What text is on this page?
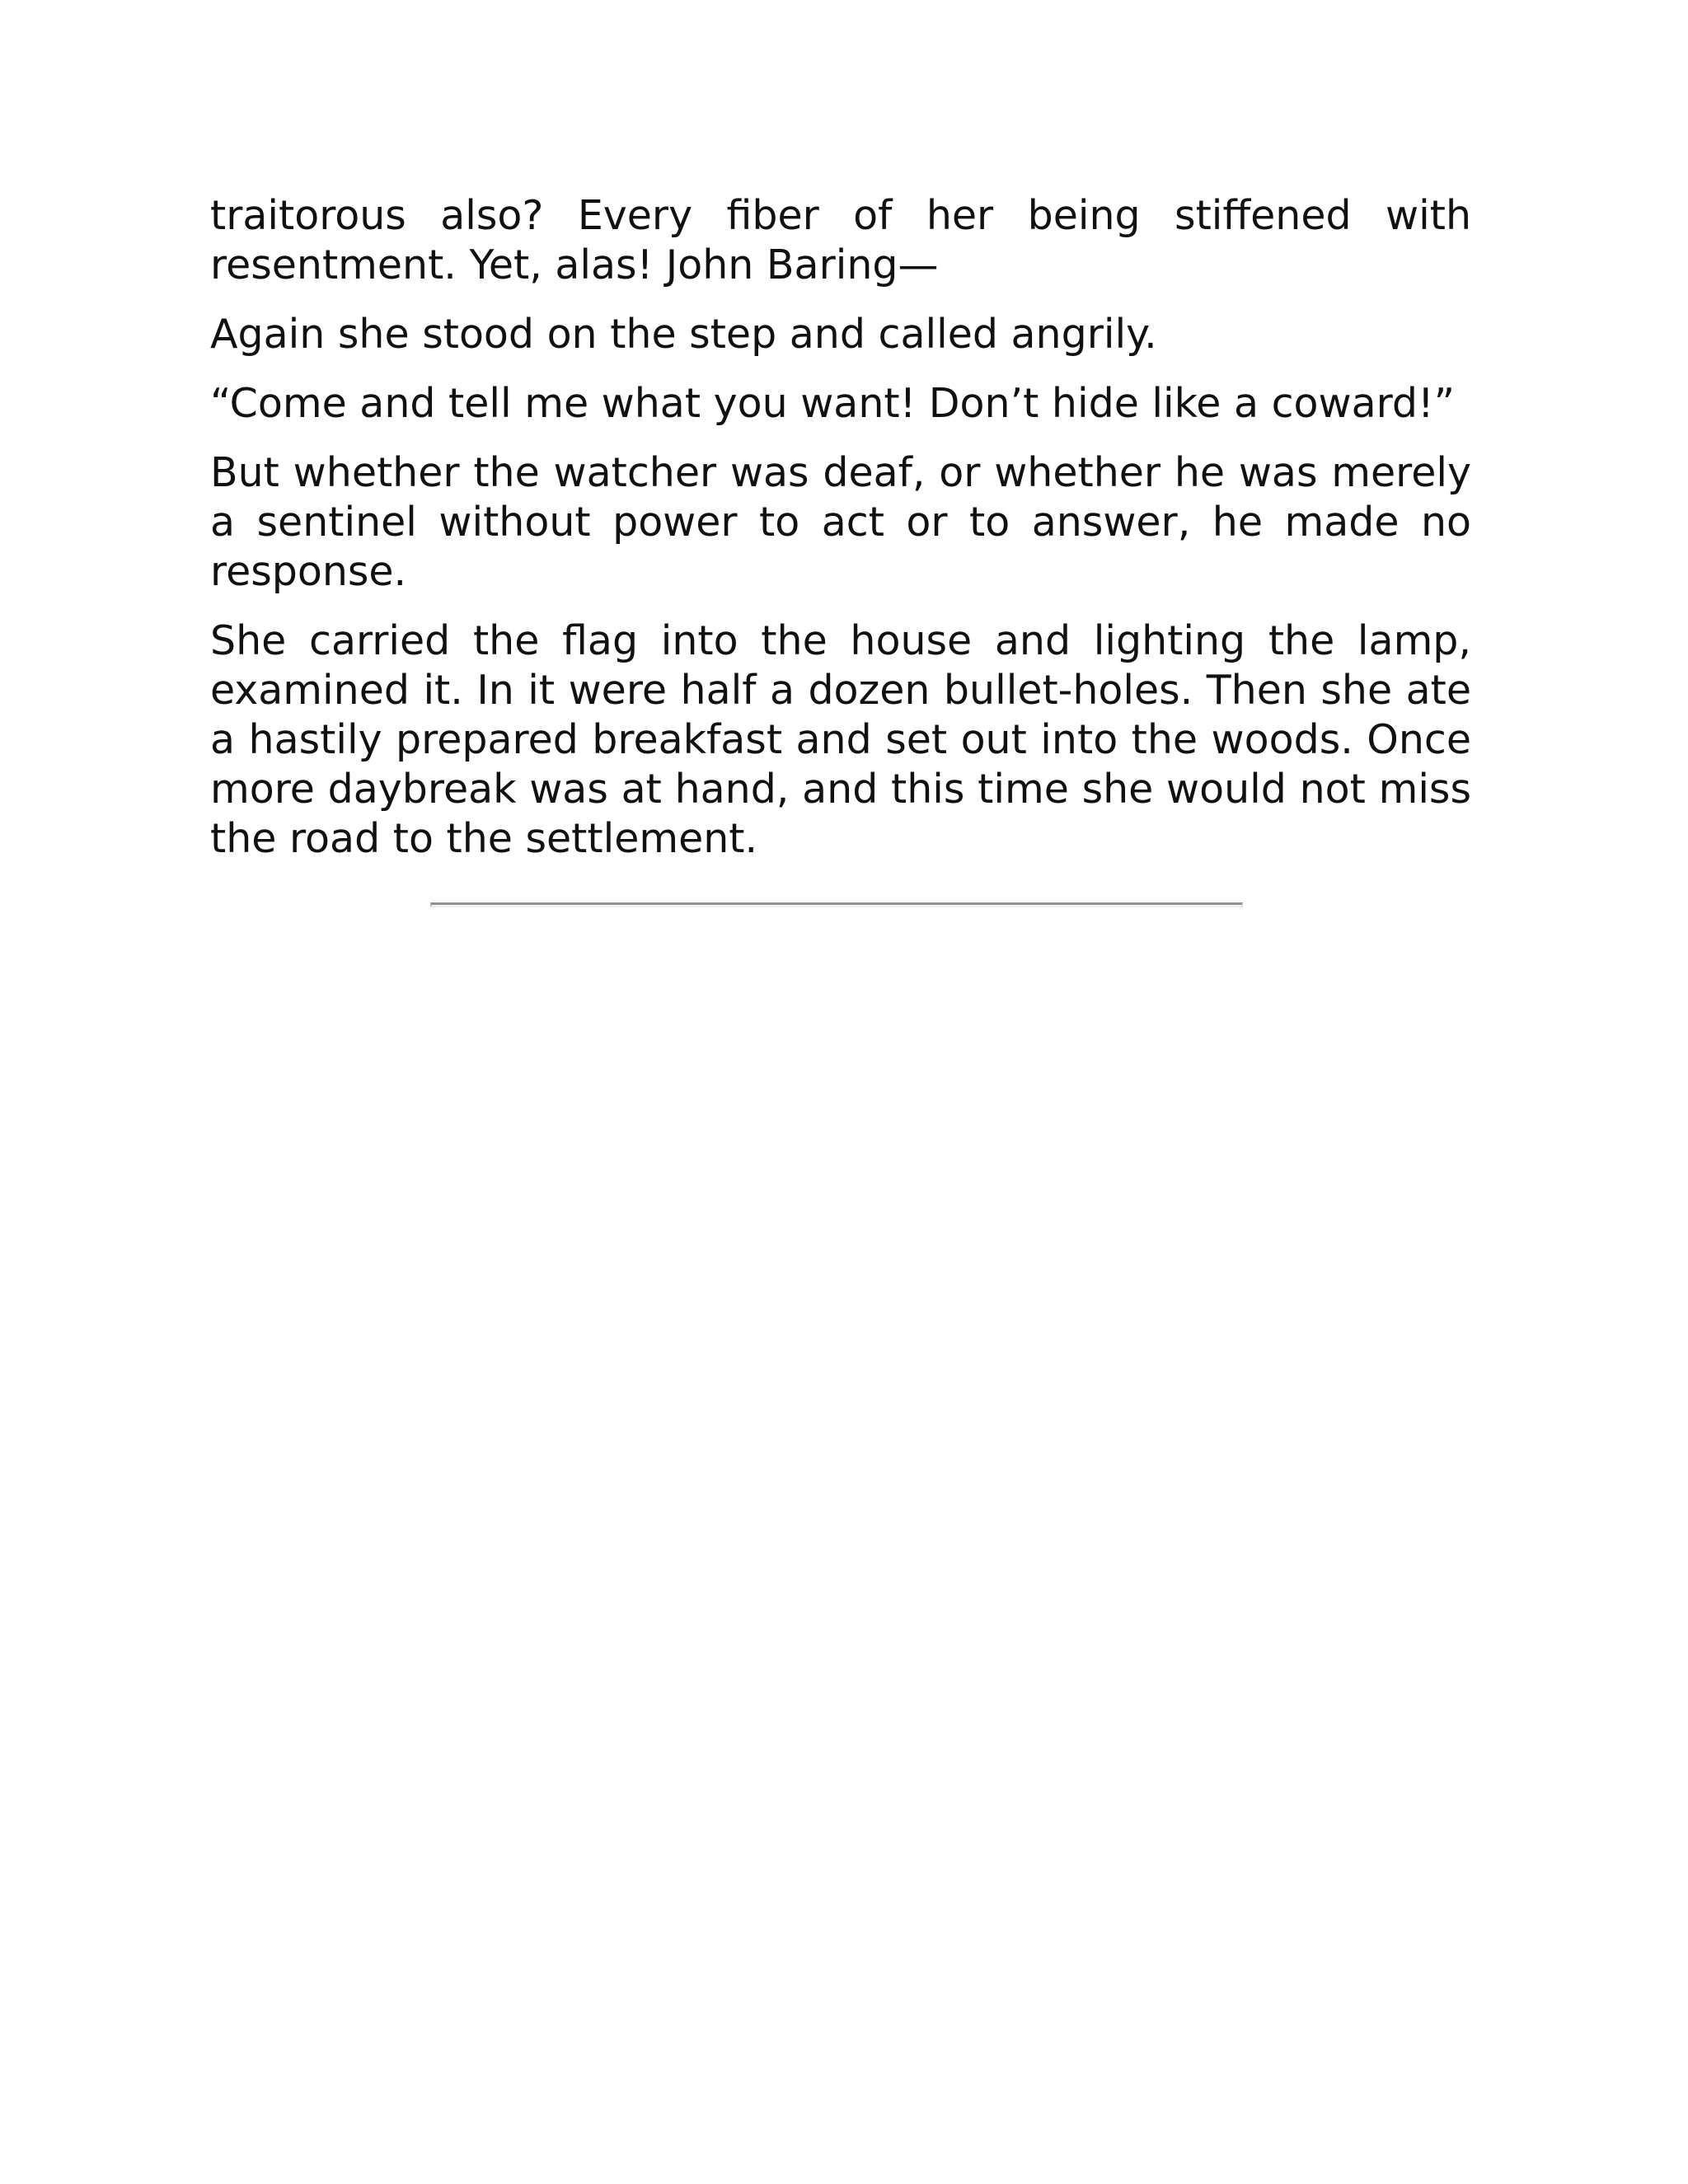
traitorous also? Every fiber of her being stiffened with resentment. Yet, alas! John Baring—

Again she stood on the step and called angrily.

“Come and tell me what you want! Don’t hide like a coward!”

But whether the watcher was deaf, or whether he was merely a sentinel without power to act or to answer, he made no response.

She carried the flag into the house and lighting the lamp, examined it. In it were half a dozen bullet-holes. Then she ate a hastily prepared breakfast and set out into the woods. Once more daybreak was at hand, and this time she would not miss the road to the settlement.
